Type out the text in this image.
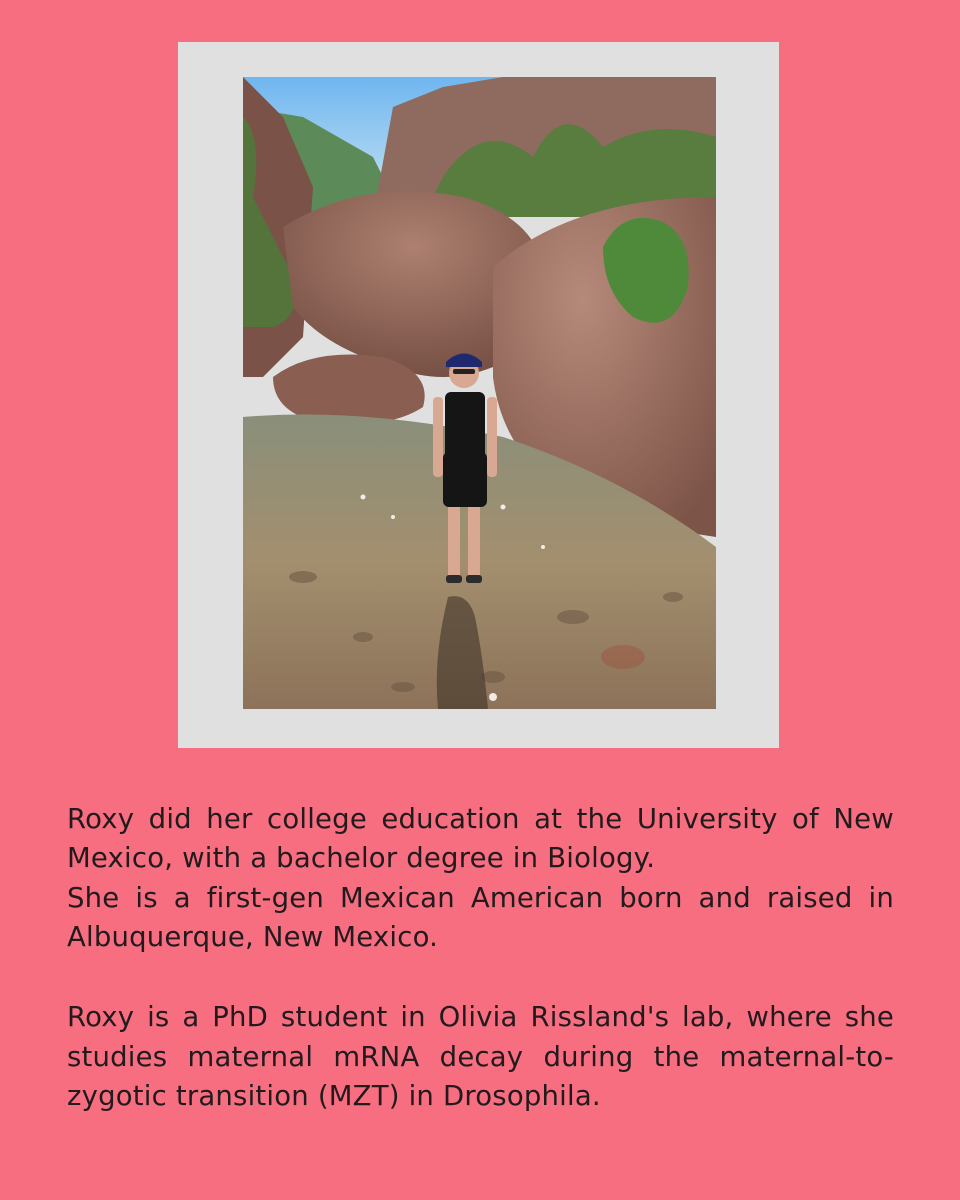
Roxy did her college education at the University of New Mexico, with a bachelor degree in Biology.

She is a first-gen Mexican American born and raised in Albuquerque, New Mexico.

Roxy is a PhD student in Olivia Rissland's lab, where she studies maternal mRNA decay during the maternal-to-zygotic transition (MZT) in Drosophila.
